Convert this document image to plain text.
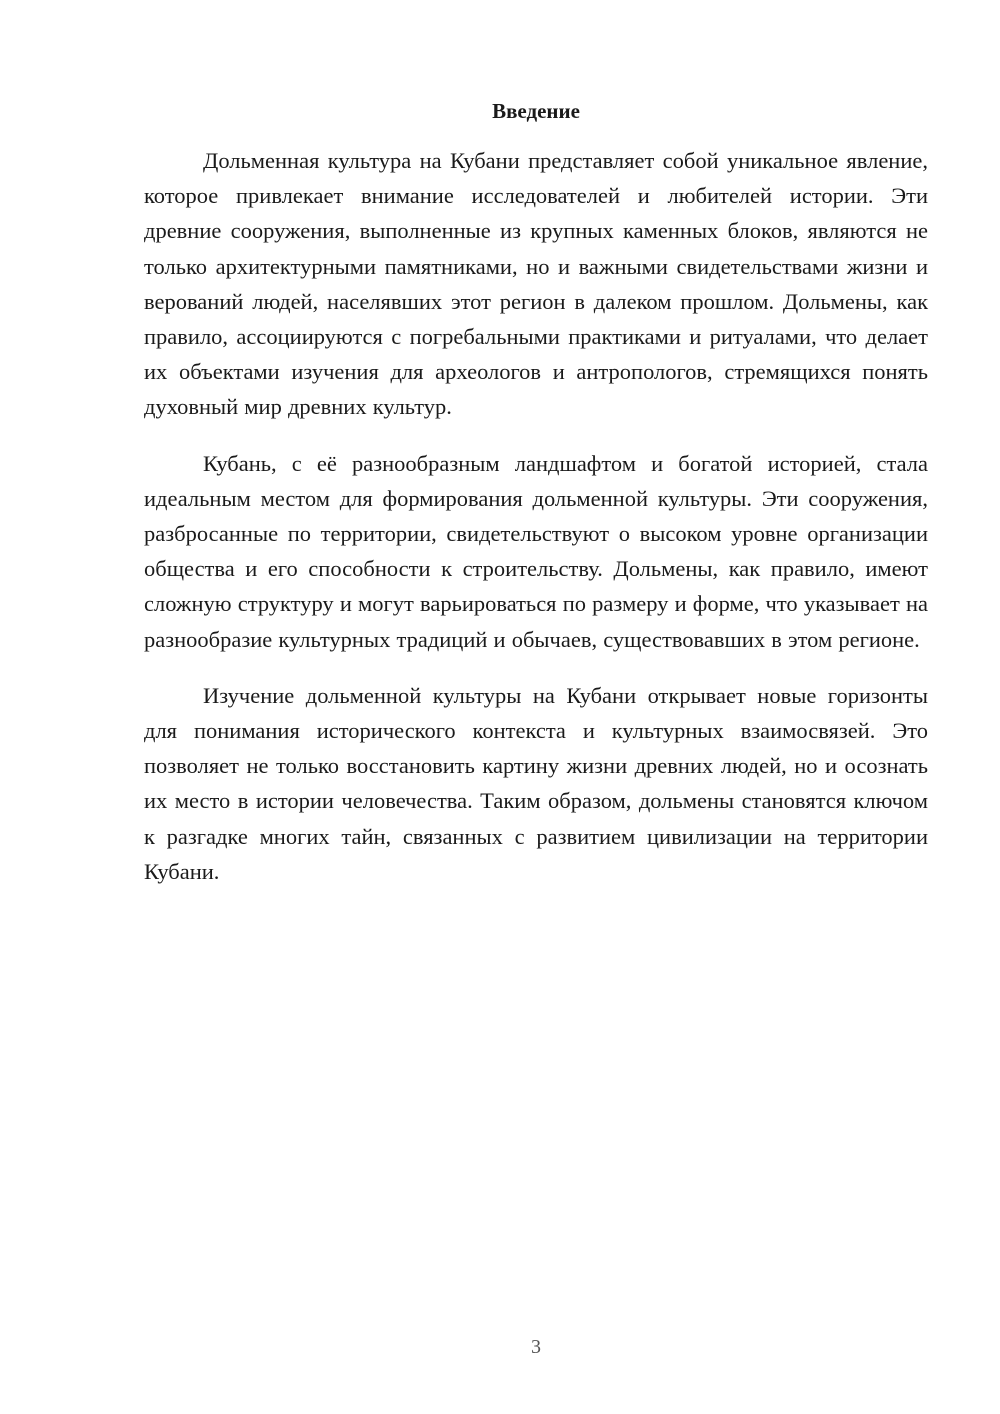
Введение

Дольменная культура на Кубани представляет собой уникальное явление, которое привлекает внимание исследователей и любителей истории. Эти древние сооружения, выполненные из крупных каменных блоков, являются не только архитектурными памятниками, но и важными свидетельствами жизни и верований людей, населявших этот регион в далеком прошлом. Дольмены, как правило, ассоциируются с погребальными практиками и ритуалами, что делает их объектами изучения для археологов и антропологов, стремящихся понять духовный мир древних культур.

Кубань, с её разнообразным ландшафтом и богатой историей, стала идеальным местом для формирования дольменной культуры. Эти сооружения, разбросанные по территории, свидетельствуют о высоком уровне организации общества и его способности к строительству. Дольмены, как правило, имеют сложную структуру и могут варьироваться по размеру и форме, что указывает на разнообразие культурных традиций и обычаев, существовавших в этом регионе.

Изучение дольменной культуры на Кубани открывает новые горизонты для понимания исторического контекста и культурных взаимосвязей. Это позволяет не только восстановить картину жизни древних людей, но и осознать их место в истории человечества. Таким образом, дольмены становятся ключом к разгадке многих тайн, связанных с развитием цивилизации на территории Кубани.

3
